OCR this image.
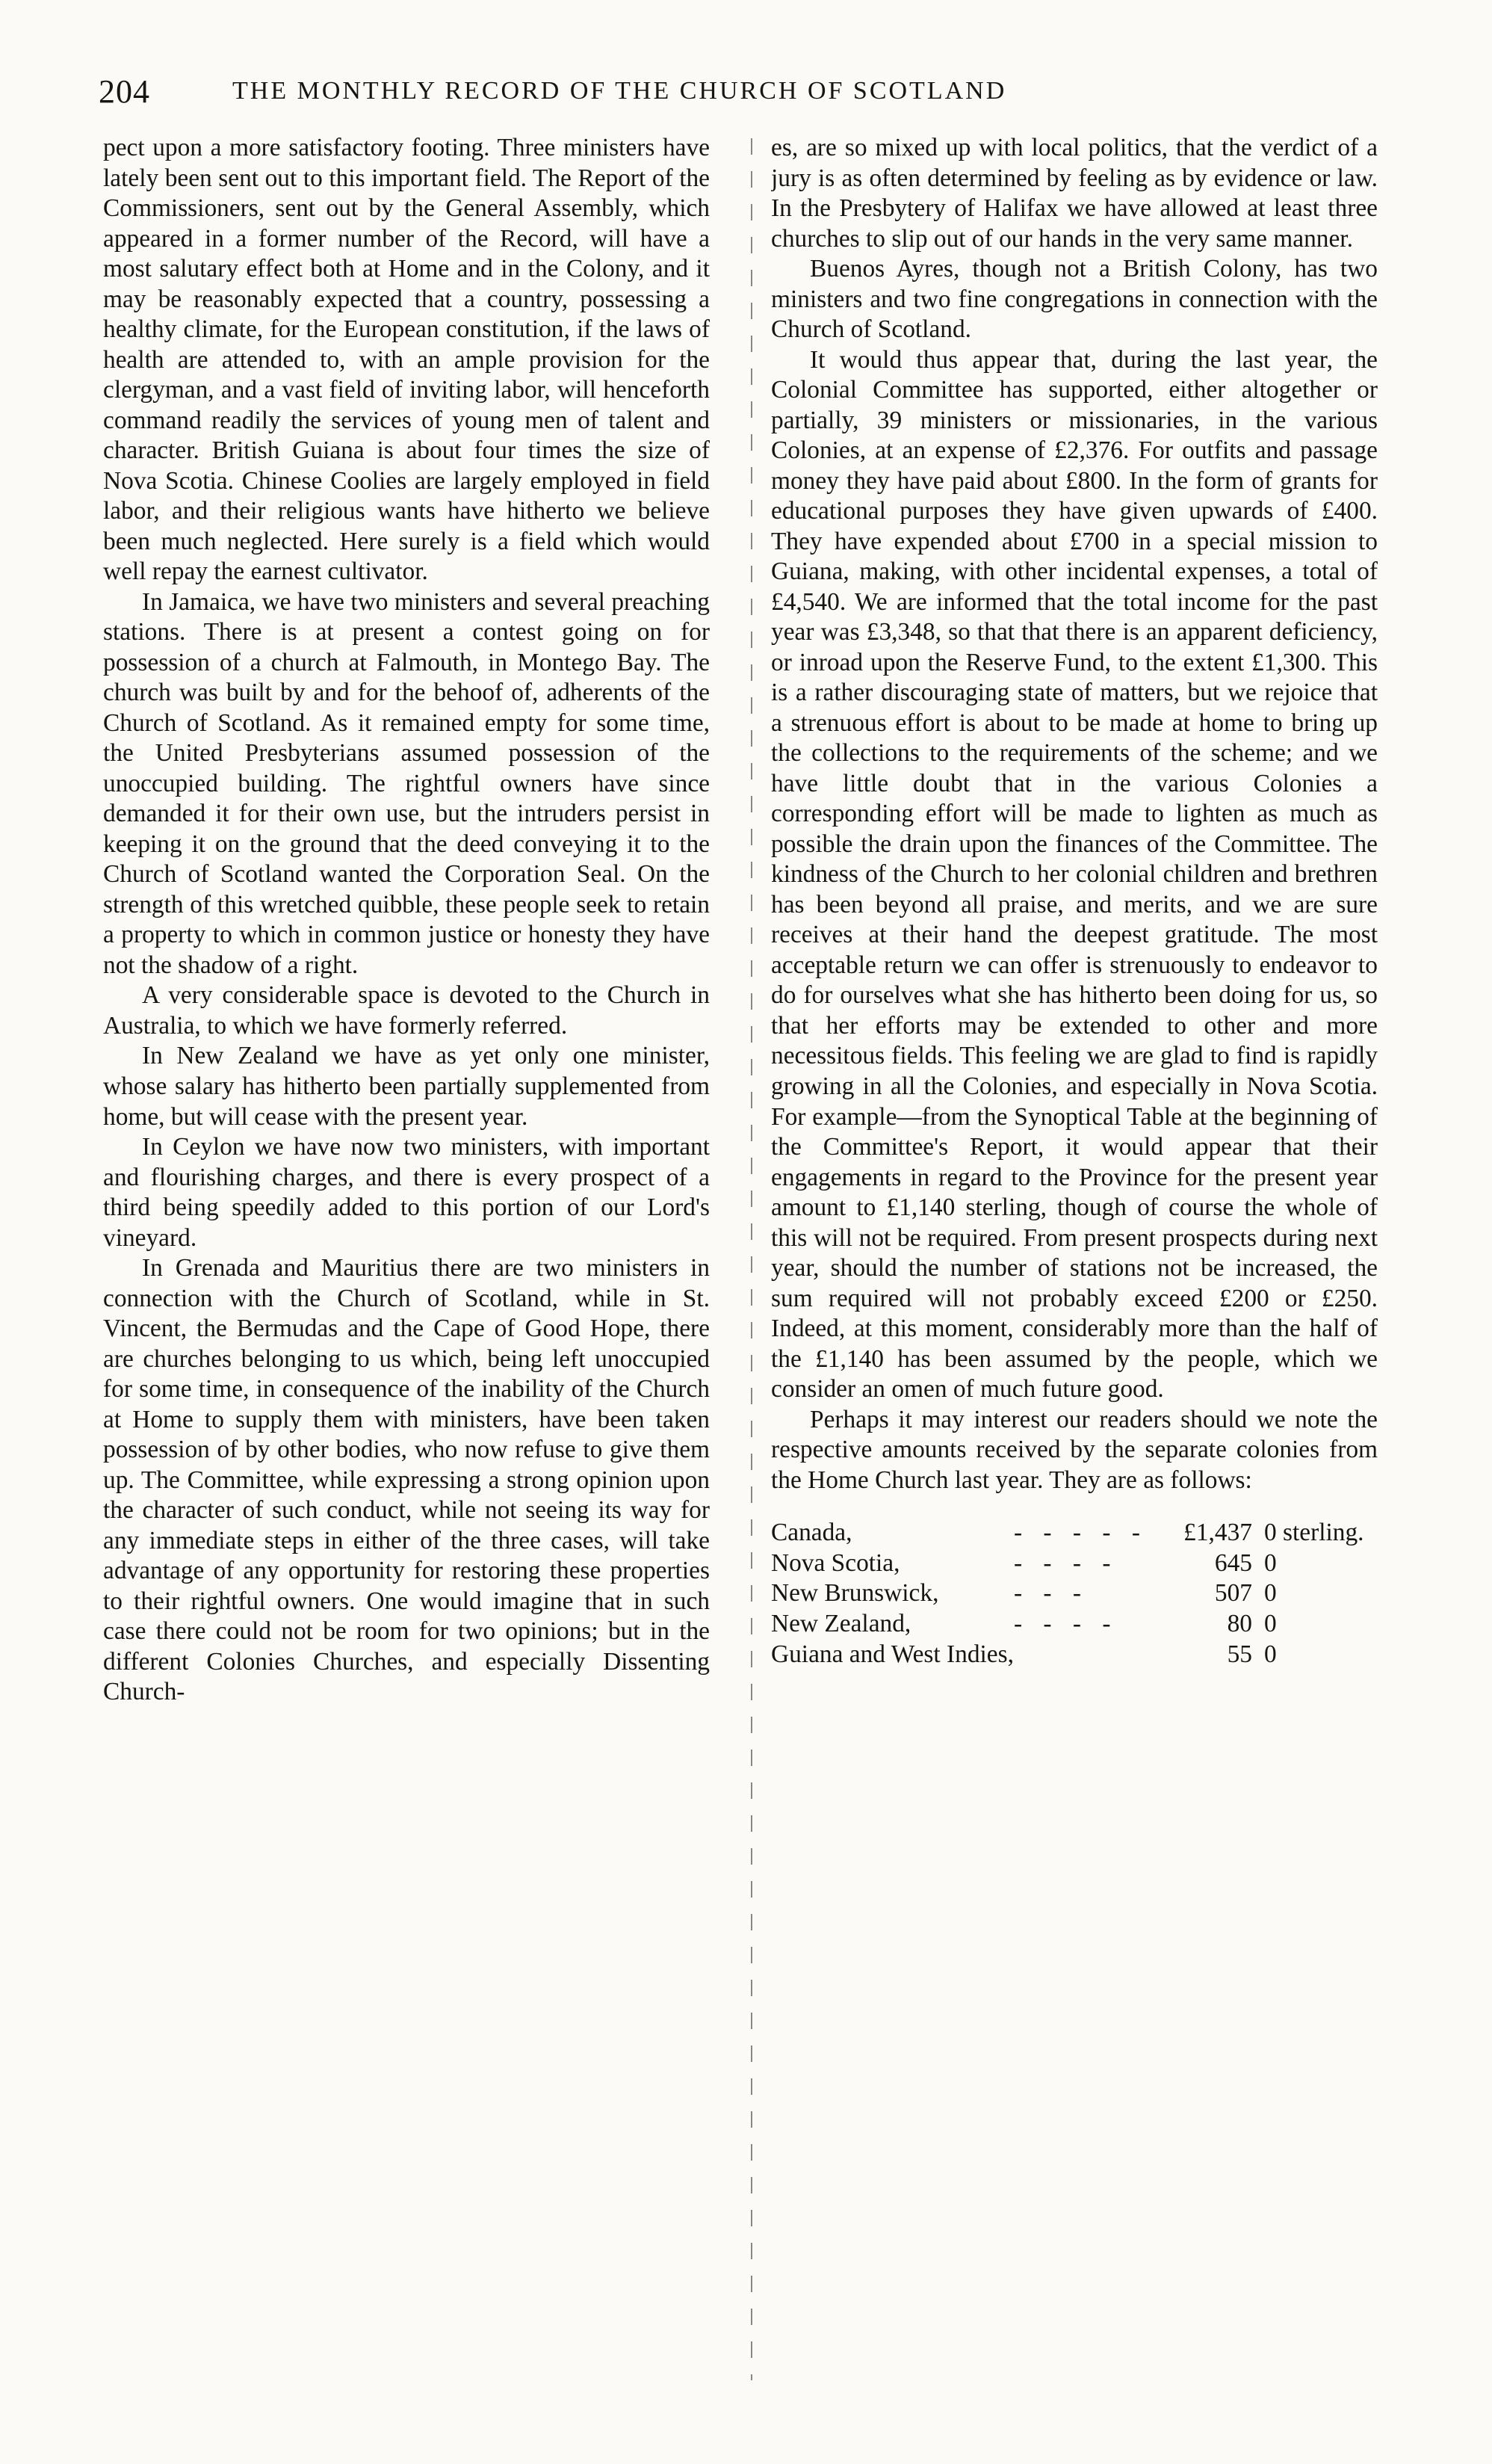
204	THE MONTHLY RECORD OF THE CHURCH OF SCOTLAND

pect upon a more satisfactory footing. Three ministers have lately been sent out to this important field. The Report of the Commissioners, sent out by the General Assembly, which appeared in a former number of the Record, will have a most salutary effect both at Home and in the Colony, and it may be reasonably expected that a country, possessing a healthy climate, for the European constitution, if the laws of health are attended to, with an ample provision for the clergyman, and a vast field of inviting labor, will henceforth command readily the services of young men of talent and character. British Guiana is about four times the size of Nova Scotia. Chinese Coolies are largely employed in field labor, and their religious wants have hitherto we believe been much neglected. Here surely is a field which would well repay the earnest cultivator.

In Jamaica, we have two ministers and several preaching stations. There is at present a contest going on for possession of a church at Falmouth, in Montego Bay. The church was built by and for the behoof of, adherents of the Church of Scotland. As it remained empty for some time, the United Presbyterians assumed possession of the unoccupied building. The rightful owners have since demanded it for their own use, but the intruders persist in keeping it on the ground that the deed conveying it to the Church of Scotland wanted the Corporation Seal. On the strength of this wretched quibble, these people seek to retain a property to which in common justice or honesty they have not the shadow of a right.

A very considerable space is devoted to the Church in Australia, to which we have formerly referred.

In New Zealand we have as yet only one minister, whose salary has hitherto been partially supplemented from home, but will cease with the present year.

In Ceylon we have now two ministers, with important and flourishing charges, and there is every prospect of a third being speedily added to this portion of our Lord's vineyard.

In Grenada and Mauritius there are two ministers in connection with the Church of Scotland, while in St. Vincent, the Bermudas and the Cape of Good Hope, there are churches belonging to us which, being left unoccupied for some time, in consequence of the inability of the Church at Home to supply them with ministers, have been taken possession of by other bodies, who now refuse to give them up. The Committee, while expressing a strong opinion upon the character of such conduct, while not seeing its way for any immediate steps in either of the three cases, will take advantage of any opportunity for restoring these properties to their rightful owners. One would imagine that in such case there could not be room for two opinions; but in the different Colonies Churches, and especially Dissenting Church-

es, are so mixed up with local politics, that the verdict of a jury is as often determined by feeling as by evidence or law. In the Presbytery of Halifax we have allowed at least three churches to slip out of our hands in the very same manner.

Buenos Ayres, though not a British Colony, has two ministers and two fine congregations in connection with the Church of Scotland.

It would thus appear that, during the last year, the Colonial Committee has supported, either altogether or partially, 39 ministers or missionaries, in the various Colonies, at an expense of £2,376. For outfits and passage money they have paid about £800. In the form of grants for educational purposes they have given upwards of £400. They have expended about £700 in a special mission to Guiana, making, with other incidental expenses, a total of £4,540. We are informed that the total income for the past year was £3,348, so that that there is an apparent deficiency, or inroad upon the Reserve Fund, to the extent £1,300. This is a rather discouraging state of matters, but we rejoice that a strenuous effort is about to be made at home to bring up the collections to the requirements of the scheme; and we have little doubt that in the various Colonies a corresponding effort will be made to lighten as much as possible the drain upon the finances of the Committee. The kindness of the Church to her colonial children and brethren has been beyond all praise, and merits, and we are sure receives at their hand the deepest gratitude. The most acceptable return we can offer is strenuously to endeavor to do for ourselves what she has hitherto been doing for us, so that her efforts may be extended to other and more necessitous fields. This feeling we are glad to find is rapidly growing in all the Colonies, and especially in Nova Scotia. For example—from the Synoptical Table at the beginning of the Committee's Report, it would appear that their engagements in regard to the Province for the present year amount to £1,140 sterling, though of course the whole of this will not be required. From present prospects during next year, should the number of stations not be increased, the sum required will not probably exceed £200 or £250. Indeed, at this moment, considerably more than the half of the £1,140 has been assumed by the people, which we consider an omen of much future good.

Perhaps it may interest our readers should we note the respective amounts received by the separate colonies from the Home Church last year. They are as follows:

Canada,	- - - - -	£1,437	0 sterling.
Nova Scotia,	- - - -	645	0
New Brunswick,	- - -	507	0
New Zealand,	- - - -	80	0
Guiana and West Indies,		55	0
